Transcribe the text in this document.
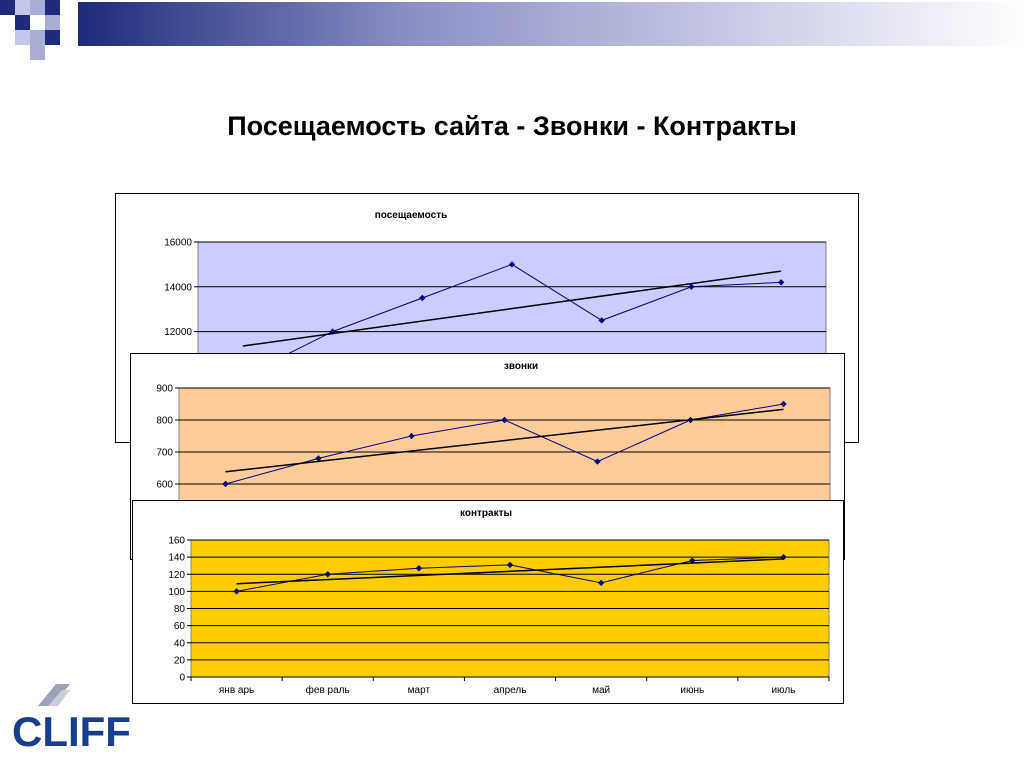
Посещаемость сайта - Звонки - Контракты
посещаемость
16000
14000
12000
звонки
900
800
700
600
контракты
160
140
120
100
80
60
40
20
0
янв арь	фев раль	март	апрель	май	июнь	июль
CLIFF
